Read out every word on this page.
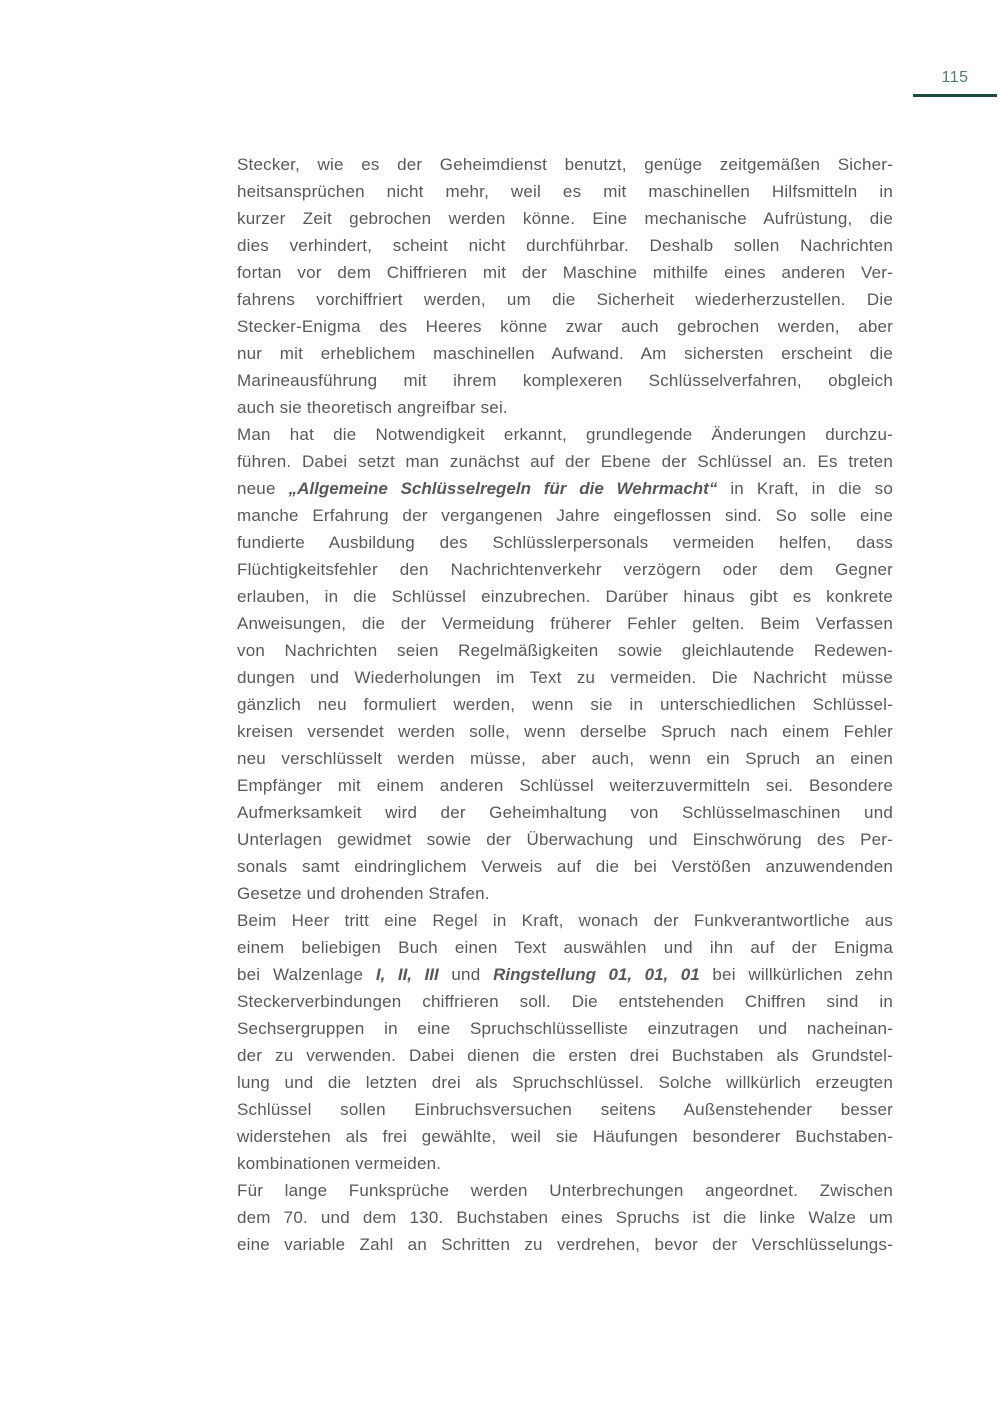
115
Stecker, wie es der Geheimdienst benutzt, genüge zeitgemäßen Sicher-
heitsansprüchen nicht mehr, weil es mit maschinellen Hilfsmitteln in
kurzer Zeit gebrochen werden könne. Eine mechanische Aufrüstung, die
dies verhindert, scheint nicht durchführbar. Deshalb sollen Nachrichten
fortan vor dem Chiffrieren mit der Maschine mithilfe eines anderen Ver-
fahrens vorchiffriert werden, um die Sicherheit wiederherzustellen. Die
Stecker-Enigma des Heeres könne zwar auch gebrochen werden, aber
nur mit erheblichem maschinellen Aufwand. Am sichersten erscheint die
Marineausführung mit ihrem komplexeren Schlüsselverfahren, obgleich
auch sie theoretisch angreifbar sei.
Man hat die Notwendigkeit erkannt, grundlegende Änderungen durchzu-
führen. Dabei setzt man zunächst auf der Ebene der Schlüssel an. Es treten
neue „Allgemeine Schlüsselregeln für die Wehrmacht“ in Kraft, in die so
manche Erfahrung der vergangenen Jahre eingeflossen sind. So solle eine
fundierte Ausbildung des Schlüsslerpersonals vermeiden helfen, dass
Flüchtigkeitsfehler den Nachrichtenverkehr verzögern oder dem Gegner
erlauben, in die Schlüssel einzubrechen. Darüber hinaus gibt es konkrete
Anweisungen, die der Vermeidung früherer Fehler gelten. Beim Verfassen
von Nachrichten seien Regelmäßigkeiten sowie gleichlautende Redewen-
dungen und Wiederholungen im Text zu vermeiden. Die Nachricht müsse
gänzlich neu formuliert werden, wenn sie in unterschiedlichen Schlüssel-
kreisen versendet werden solle, wenn derselbe Spruch nach einem Fehler
neu verschlüsselt werden müsse, aber auch, wenn ein Spruch an einen
Empfänger mit einem anderen Schlüssel weiterzuvermitteln sei. Besondere
Aufmerksamkeit wird der Geheimhaltung von Schlüsselmaschinen und
Unterlagen gewidmet sowie der Überwachung und Einschwörung des Per-
sonals samt eindringlichem Verweis auf die bei Verstößen anzuwendenden
Gesetze und drohenden Strafen.
Beim Heer tritt eine Regel in Kraft, wonach der Funkverantwortliche aus
einem beliebigen Buch einen Text auswählen und ihn auf der Enigma
bei Walzenlage I, II, III und Ringstellung 01, 01, 01 bei willkürlichen zehn
Steckerverbindungen chiffrieren soll. Die entstehenden Chiffren sind in
Sechsergruppen in eine Spruchschlüsselliste einzutragen und nacheinan-
der zu verwenden. Dabei dienen die ersten drei Buchstaben als Grundstel-
lung und die letzten drei als Spruchschlüssel. Solche willkürlich erzeugten
Schlüssel sollen Einbruchsversuchen seitens Außenstehender besser
widerstehen als frei gewählte, weil sie Häufungen besonderer Buchstaben-
kombinationen vermeiden.
Für lange Funksprüche werden Unterbrechungen angeordnet. Zwischen
dem 70. und dem 130. Buchstaben eines Spruchs ist die linke Walze um
eine variable Zahl an Schritten zu verdrehen, bevor der Verschlüsselungs-
